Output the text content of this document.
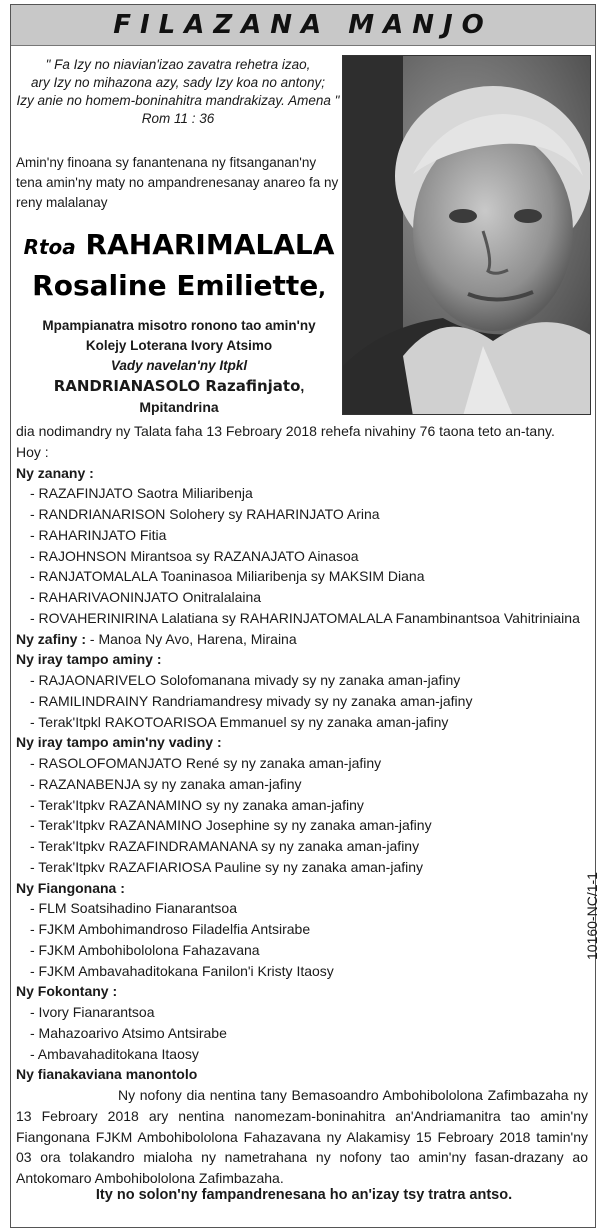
FILAZANA MANJO
" Fa Izy no niavian'izao zavatra rehetra izao,
ary Izy no mihazona azy, sady Izy koa no antony;
Izy anie no homem-boninahitra mandrakizay. Amena "
Rom 11 : 36
Amin'ny finoana sy fanantenana ny fitsanganan'ny tena amin'ny maty no ampandrenesanay anareo fa ny reny malalanay
Rtoa RAHARIMALALA
Rosaline Emiliette,
Mpampianatra misotro ronono tao amin'ny
Kolejy Loterana Ivory Atsimo
Vady navelan'ny Itpkl
RANDRIANASOLO Razafinjato, Mpitandrina

dia nodimandry ny Talata faha 13 Febroary 2018 rehefa nivahiny 76 taona teto an-tany.

Hoy :

Ny zanany :

- RAZAFINJATO Saotra Miliaribenja

- RANDRIANARISON Solohery sy RAHARINJATO Arina

- RAHARINJATO Fitia

- RAJOHNSON Mirantsoa sy RAZANAJATO Ainasoa

- RANJATOMALALA Toaninasoa Miliaribenja sy MAKSIM Diana

- RAHARIVAONINJATO Onitralalaina

- ROVAHERINIRINA Lalatiana sy RAHARINJATOMALALA Fanambinantsoa Vahitriniaina

Ny zafiny : - Manoa Ny Avo, Harena, Miraina

Ny iray tampo aminy :

- RAJAONARIVELO Solofomanana mivady sy ny zanaka aman-jafiny

- RAMILINDRAINY Randriamandresy mivady sy ny zanaka aman-jafiny

- Terak'Itpkl RAKOTOARISOA Emmanuel sy ny zanaka aman-jafiny

Ny iray tampo amin'ny vadiny :

- RASOLOFOMANJATO René sy ny zanaka aman-jafiny

- RAZANABENJA sy ny zanaka aman-jafiny

- Terak'Itpkv RAZANAMINO sy ny zanaka aman-jafiny

- Terak'Itpkv RAZANAMINO Josephine sy ny zanaka aman-jafiny

- Terak'Itpkv RAZAFINDRAMANANA sy ny zanaka aman-jafiny

- Terak'Itpkv RAZAFIARIOSA Pauline sy ny zanaka aman-jafiny

Ny Fiangonana :

- FLM Soatsihadino Fianarantsoa

- FJKM Ambohimandroso Filadelfia Antsirabe

- FJKM Ambohibololona Fahazavana

- FJKM Ambavahaditokana Fanilon'i Kristy Itaosy

Ny Fokontany :

- Ivory Fianarantsoa

- Mahazoarivo Atsimo Antsirabe

- Ambavahaditokana Itaosy

Ny fianakaviana manontolo

Ny nofony dia nentina tany Bemasoandro Ambohibololona Zafimbazaha ny 13 Febroary 2018 ary nentina nanomezam-boninahitra an'Andriamanitra tao amin'ny Fiangonana FJKM Ambohibololona Fahazavana ny Alakamisy 15 Febroary 2018 tamin'ny 03 ora tolakandro mialoha ny nametrahana ny nofony tao amin'ny fasan-drazany ao Antokomaro Ambohibololona Zafimbazaha.

Ity no solon'ny fampandrenesana ho an'izay tsy tratra antso.
10160-NC/1-1
